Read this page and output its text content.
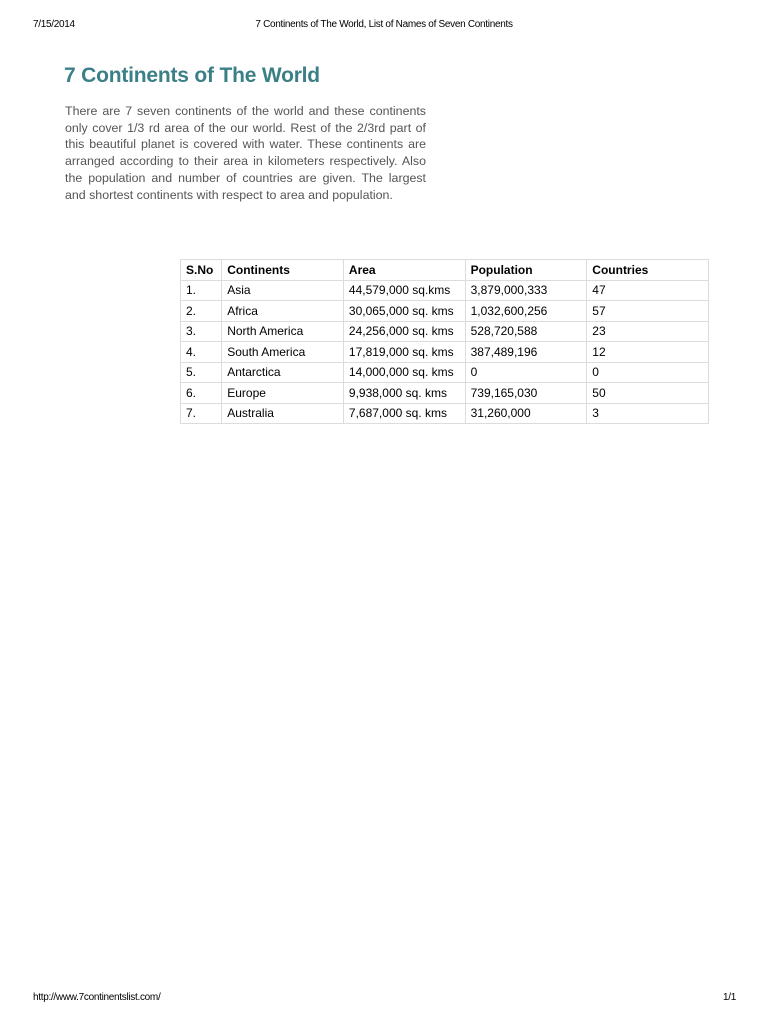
7/15/2014	7 Continents of The World, List of Names of Seven Continents
7 Continents of The World

There are 7 seven continents of the world and these continents only cover 1/3 rd area of the our world. Rest of the 2/3rd part of this beautiful planet is covered with water. These continents are arranged according to their area in kilometers respectively. Also the population and number of countries are given. The largest and shortest continents with respect to area and population.

S.No	Continents	Area	Population	Countries
1.	Asia	44,579,000 sq.kms	3,879,000,333	47
2.	Africa	30,065,000 sq. kms	1,032,600,256	57
3.	North America	24,256,000 sq. kms	528,720,588	23
4.	South America	17,819,000 sq. kms	387,489,196	12
5.	Antarctica	14,000,000 sq. kms	0	0
6.	Europe	9,938,000 sq. kms	739,165,030	50
7.	Australia	7,687,000 sq. kms	31,260,000	3
http://www.7continentslist.com/	1/1
